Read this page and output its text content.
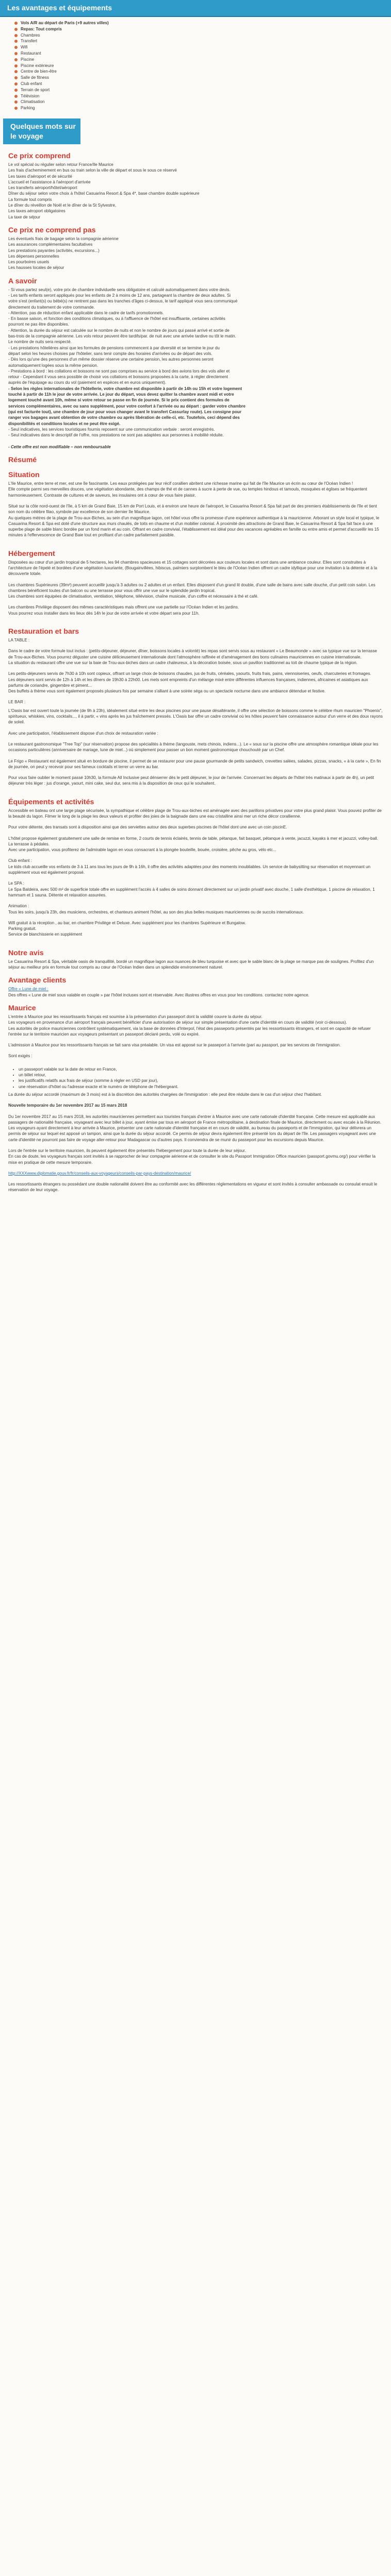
Les avantages et équipements
Vols A/R au départ de Paris (+9 autres villes)
Repas: Tout compris
Chambres
Transfert
Wifi
Restaurant
Piscine
Piscine extérieure
Centre de bien-être
Salle de fitness
Club enfant
Terrain de sport
Télévision
Climatisation
Parking
Quelques mots sur le voyage
Ce prix comprend
Le vol spécial ou régulier selon retour France/Ile Maurice
Les frais d'acheminement en bus ou train selon la ville de départ et sous le sous ce réservé
Les taxes d'aéroport et de sécurité
L'accueil et l'assistance à l'aéroport d'arrivée
Les transferts aéroport/hôtel/aéroport
Dîner du séjour selon votre choix à l'hôtel Casuarina Resort & Spa 4*, base chambre double supérieure
La formule tout compris
Le dîner du réveillon de Noël et le dîner de la St Sylvestre,
Les taxes aéroport obligatoires
La taxe de séjour
Ce prix ne comprend pas
Les éventuels frais de bagage selon la compagnie aérienne
Les assurances complémentaires facultatives
Les prestations payantes (activités, excursions...)
Les dépenses personnelles
Les pourboires usuels
Les hausses locales de séjour
A savoir
- Si vous partez seul(e), votre prix de chambre individuelle sera obligatoire et calculé automatiquement dans votre devis.
- Les tarifs enfants seront appliqués pour les enfants de 2 à moins de 12 ans, partageant la chambre de deux adultes. Si
votre s'est (enfant(s) ou bébé(s) ne rentrent pas dans les tranches d'âges ci-dessus, le tarif appliqué vous sera communiqué
directement du traitement de votre commande.
- Attention, pas de réduction enfant applicable dans le cadre de tarifs promotionnels.
- En basse saison, et fonction des conditions climatiques, ou à l'affluence de l'hôtel est insuffisante, certaines activités
pourront ne pas être disponibles.
- Attention, la durée du séjour est calculée sur le nombre de nuits et non le nombre de jours qui passé arrivé et sortie de
bas-trois de la compagnie aérienne. Les vols retour peuvent être tardifs/par. de nuit avec une arrivée tardive ou tôt le matin.
Le nombre de nuits sera respecté.
- Les prestations hôtelières ainsi que les formules de pensions commencent à par diversité et se termine le jour du
départ selon les heures choisies par l'hôtelier, sans tenir compte des horaires d'arrivées ou de départ des vols.
- Dès lors qu'une des personnes d'un même dossier réserve une certaine pension, les autres personnes seront
automatiquement logées sous la même pension.
- Prestations à bord : les collations et boissons ne sont pas comprises au service à bord des avions lors des vols aller et
retour - Cependant il vous sera possible de choisir vos collations et boissons proposées à la carte, à régler directement
auprès de l'équipage au cours du vol (paiement en espèces et en euros uniquement).
- Selon les règles internationales de l'hôtellerie, votre chambre est disponible à partir de 14h ou 15h et votre logement
touché à partir de 11h le jour de votre arrivée. Le jour du départ, vous devez quitter la chambre avant midi et votre
logement touché avant 10h, même si votre retour se passe en fin de journée. Si le prix contient des formules de
services complémentaires, avec ou sans supplément, pour votre confort à l'arrivée ou au départ : garder votre chambre
(qui est facturée tout), une chambre de jour pour vous changer avant le transfert Cassurlay route). Les consigne pour
ranger vos bagages avant obtention de votre chambre ou après libération de celle-ci, etc. Toutefois, ceci dépend des
disponibilités et conditions locales et ne peut être exigé.
- Seul indicatives, les services touristiques fournis reposent sur une communication verbale : seront enregistrés.
- Seul indicatives dans le descriptif de l'offre, nos prestations ne sont pas adaptées aux personnes à mobilité réduite.

- Cette offre est non modifiable – non remboursable
Résumé
Situation
L'Ile Maurice, entre terre et mer, est une île fascinante. Les eaux protégées par leur récif corallien abritent une richesse marine qui fait de l'île Maurice un écrin au cœur de l'Océan Indien !
Elle compte parmi ses merveilles douces, une végétation abondante, des champs de thé et de cannes à sucre à perte de vue, ou temples hindous et tamouls, mosquées et églises se fréquentent harmonieusement. Contraste de cultures et de saveurs, les insulaires ont à cœur de vous faire plaisir.
Situé sur la côte nord-ouest de l'île, à 5 km de Grand Baie, 15 km de Port Louis, et à environ une heure de l'aéroport, le Casuarina Resort & Spa fait part de des premiers établissements de l'île et tient son nom du célèbre filao, symbole par excellence de son dernier île Maurice.
Au quelques mètres de la plage de Trou-aux-Biches, au sein d'un magnifique lagon, cet hôtel vous offre la promesse d'une expérience authentique à la mauricienne. Arborant un style local et typique, le Casuarina Resort & Spa est doté d'une structure aux murs chaulés, de toits en chaume et d'un mobilier colonial. À proximité des attractions de Grand Baie, le Casuarina Resort & Spa fait face à une superbe plage de sable blanc bordée par un fond marin et au coin. Offrant en cadre convivial, l'établissement est idéal pour des vacances agréables en famille ou entre amis et permet d'accueillir les 15 minutes à l'effervescence de Grand Baie tout en profitant d'un cadre parfaitement paisible.
Hébergement
Disposées au cœur d'un jardin tropical de 5 hectares, les 94 chambres spacieuses et 15 cottages sont décorées aux couleurs locales et sont dans une ambiance couleur. Elles sont construites à l'architecture de l'épelé et bordées d'une végétation luxuriante, (Bougainvillées, hibiscus, palmiers surplombent le bleu de l'Océan Indien offrent un cadre idyllique pour une invitation à la détente et à la découverte totale.
Les chambres Supérieures (39m²) peuvent accueillir jusqu'à 3 adultes ou 2 adultes et un enfant. Elles disposent d'un grand lit double, d'une salle de bains avec salle douche, d'un petit coin salon. Les chambres bénéficient toutes d'un balcon ou une terrasse pour vous offrir une vue sur le splendide jardin tropical.
Les chambres sont équipées de climatisation, ventilation, téléphone, télévision, chaîne musicale, d'un coffre et nécessaire à thé et café.
Les chambres Privilège disposent des mêmes caractéristiques mais offrent une vue partielle sur l'Océan Indien et les jardins.
Vous pourrez vous installer dans les lieux dès 14h le jour de votre arrivée et votre départ sera pour 11h.
Restauration et bars
LA TABLE :
Dans le cadre de votre formule tout inclus : (petits-déjeuner, déjeuner, dîner, boissons locales à volonté) les repas sont servis sous au restaurant « Le Beaumonde » avec sa typique vue sur la terrasse de Trou-aux-Biches. Vous pourrez déguster une cuisine délicieusement internationale dont l'atmosphère raffinée et d'aménagement des bons culinaires mauriciennes en cuisine internationale.
La situation du restaurant offre une vue sur la baie de Trou-aux-biches dans un cadre chaleureux, à la décoration boisée, sous un pavillon traditionnel au toit de chaume typique de la région.
Les petits-déjeuners servis de 7h30 à 10h sont copieux, offrant un large choix de boissons chaudes, jus de fruits, céréales, yaourts, fruits frais, pains, viennoiseries, oeufs, charcuteries et fromages.
Les déjeuners sont servis de 12h à 14h et les dîners de 19h30 à 22h00. Les mets sont empreints d'un mélange mixé entre différentes influences françaises, indiennes, africaines et asiatiques aux parfums de coriandre, gingembre et piment...
Des buffets à thème vous sont également proposés plusieurs fois par semaine s'alliant à une soirée séga ou un spectacle nocturne dans une ambiance détendue et festive.
LE BAR :
L'Oasis bar est ouvert toute la journée (de 9h à 23h), idéalement situé entre les deux piscines pour une pause désaltérante, il offre une sélection de boissons comme le célèbre rhum mauricien "Phoenix", spiritueux, whiskies, vins, cocktails..., il à partir, « vins après les jus fraîchement pressés. L'Oasis bar offre un cadre convivial où les hôtes peuvent faire connaissance autour d'un verre et des doux rayons de soleil.
Avec une participation, l'établissement dispose d'un choix de restauration variée :
Le restaurant gastronomique "Tree Top" (sur réservation) propose des spécialités à thème (langouste, mets chinois, indiens...). Le « sous sur la piscine offre une atmosphère romantique idéale pour les occasions particulières (anniversaire de mariage, lune de miel...) où simplement pour passer un bon moment gastronomique chouchouté par un Chef.
Le Frigo « Restaurant est également situé en bordure de piscine, il permet de se restaurer pour une pause gourmande de petits sandwich, crevettes salées, salades, pizzas, snacks, « à la carte », En fin de journée, on peut y recevoir pour ses fameux cocktails et terrer un verre au bar.
Pour vous faire oublier le moment passé 10h30, la formule All Inclusive peut dénserrer dès le petit déjeuner, le jour de l'arrivée. Concernant les départs de l'hôtel très matinaux à partir de 4h), un petit déjeuner très léger : jus d'orange, yaourt, mini cake, seul dur, sera mis à la disposition de ceux qui le souhaitent.
Équipements et activités
Accessible en bateau ont une large plage sécurisée, la sympathique et célèbre plage de Trou-aux-biches est aménagée avec des parillons privatives pour votre plus grand plaisir. Vous pouvez profiter de la beauté du lagon. Filmer le long de la plage les deux valeurs et profiter des joies de la baignade dans une eau cristalline ainsi mer un riche décor corallienne.
Pour votre détente, des transats sont à disposition ainsi que des serviettes autour des deux superbes piscines de l'hôtel dont une avec un coin piscinE.
L'hôtel propose également gratuitement une salle de remise en forme, 2 courts de tennis éclairés, tennis de table, pétanque, fait basquet, pétanque à vente, jacuzzi, kayaks à mer et jacuzzi, volley-ball. La terrasse à pédales.
Avec une participation, vous profiterez de l'admirable lagon en vous consacrant à la plongée bouteille, bouée, croisière, pêche au gros, vélo etc...
Club enfant :
Le kids club accueille vos enfants de 3 à 11 ans tous les jours de 9h à 16h, il offre des activités adaptées pour des moments inoubliables. Un service de babysitting sur réservation et moyennant un supplément vous est également proposé.
Le SPA :
Le Spa Baldeira, avec 500 m² de superficie totale offre en supplément l'accès à 4 salles de soins donnant directement sur un jardin privatif avec douche, 1 salle d'esthétique, 1 piscine de relaxation, 1 hammam et 1 sauna. Détente et relaxation assurées.
Animation :
Tous les soirs, jusqu'à 23h, des musiciens, orchestres, et chanteurs animent l'hôtel, au son des plus belles musiques mauriciennes ou de succès internationaux.
Wifi gratuit à la réception , au bar, en chambre Privilège et Deluxe. Avec supplément pour les chambres Supérieure et Bungalow.
Parking gratuit.
Service de blanchisserie en supplément
Notre avis
Le Casuarina Resort & Spa, véritable oasis de tranquillité, bordé un magnifique lagon aux nuances de bleu turquoise et avec que le sable blanc de la plage se marque pas de soulignes. Profitez d'un séjour au meilleur prix en formule tout compris au cœur de l'Océan Indien dans un splendide environnement naturel.
Avantage clients
Offre « Lune de miel :
Des offres « Lune de miel sous valable en couple » par l'hôtel incluses sont et réservable. Avec illustres offres en vous pour les conditions. contactez notre agence.
Maurice
L'entrée à Maurice pour les ressortissants français est soumise à la présentation d'un passeport dont la validité couvre la durée du séjour.
Les voyageurs en provenance d'un aéroport français peuvent bénéficier d'une autorisation de séjour sur simple présentation d'une carte d'identité en cours de validité (voir ci-dessous).
Les autorités de police mauriciennes contrôlent systématiquement, via la base de données d'Interpol, l'état des passeports présentés par les ressortissants étrangers, et sont en capacité de refuser l'entrée sur le territoire mauricien aux voyageurs présentant un passeport déclaré perdu, volé ou expiré.
L'admission à Maurice pour les ressortissants français se fait sans visa préalable. Un visa est apposé sur le passeport à l'arrivée (pari au passport, par les services de l'immigration.
Sont exigés :
• un passeport valable sur la date de retour en France,
• un billet retour,
• les justificatifs relatifs aux frais de séjour (somme à régler en USD par jour),
• une réservation d'hôtel ou l'adresse exacte et le numéro de téléphone de l'hébergeant.
La durée du séjour accordé (maximum de 3 mois) est à la discrétion des autorités chargées de l'immigration : elle peut être réduite dans le cas d'un séjour chez l'habitant.
Nouvelle temporaire du 1er novembre 2017 au 15 mars 2018
Du 1er novembre 2017 au 15 mars 2018, les autorités mauriciennes permettent aux touristes français d'entrer à Maurice avec une carte nationale d'identité française. Cette mesure est applicable aux passagers de nationalité française, voyageant avec leur billet à jour, ayant émise par tous en aéroport de France métropolitaine, à destination finale de Maurice, directement ou avec escale à la Réunion. Les voyageurs ayant directement à leur arrivée à Maurice, présenter une carte nationale d'identité française et en cours de validité, au bureau du passeports et de l'immigration, qui leur délivrera un permis de séjour sur lequel est apposé un tampon, ainsi que la durée du séjour accordé. Ce permis de séjour devra également être présenté lors du départ de l'île. Les passagers voyageant avec une carte d'identité ne pourront pas faire de voyage aller-retour pour Madagascar ou d'autres pays. Il conviendra de se munir du passeport pour les excursions depuis Maurice.
Lors de l'entrée sur le territoire mauricien, ils peuvent également être présentés l'hébergement pour toute la durée de leur séjour.
En cas de doute, les voyageurs français sont invités à se rapprocher de leur compagnie aérienne et de consulter le site du Passport Immigration Office mauricien (passport.govmu.org/) pour vérifier la mise en pratique de cette mesure temporaire.
http://XXXwww.diplomatie.gouv.fr/fr/conseils-aux-voyageurs/conseils-par-pays-destination/maurice/
Les ressortissants étrangers ou possédant une double nationalité doivent être au conformité avec les différentes réglementations en vigueur et sont invités à consulter ambassade ou consulat ensuit le réservation de leur voyage.
